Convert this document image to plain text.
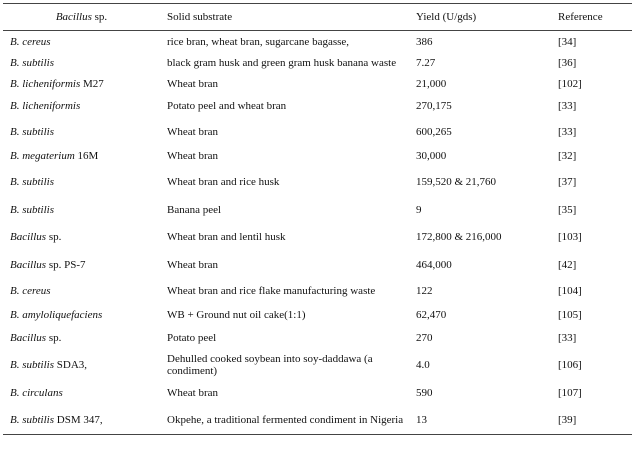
Bacillus sp.	Solid substrate	Yield (U/gds)	Reference
B. cereus	rice bran, wheat bran, sugarcane bagasse,	386	[34]
B. subtilis	black gram husk and green gram husk banana waste	7.27	[36]
B. licheniformis M27	Wheat bran	21,000	[102]
B. licheniformis	Potato peel and wheat bran	270,175	[33]
B. subtilis	Wheat bran	600,265	[33]
B. megaterium 16M	Wheat bran	30,000	[32]
B. subtilis	Wheat bran and rice husk	159,520 & 21,760	[37]
B. subtilis	Banana peel	9	[35]
Bacillus sp.	Wheat bran and lentil husk	172,800 & 216,000	[103]
Bacillus sp. PS-7	Wheat bran	464,000	[42]
B. cereus	Wheat bran and rice flake manufacturing waste	122	[104]
B. amyloliquefaciens	WB + Ground nut oil cake(1:1)	62,470	[105]
Bacillus sp.	Potato peel	270	[33]
B. subtilis SDA3,	Dehulled cooked soybean into soy-daddawa (a condiment)	4.0	[106]
B. circulans	Wheat bran	590	[107]
B. subtilis DSM 347,	Okpehe, a traditional fermented condiment in Nigeria	13	[39]
